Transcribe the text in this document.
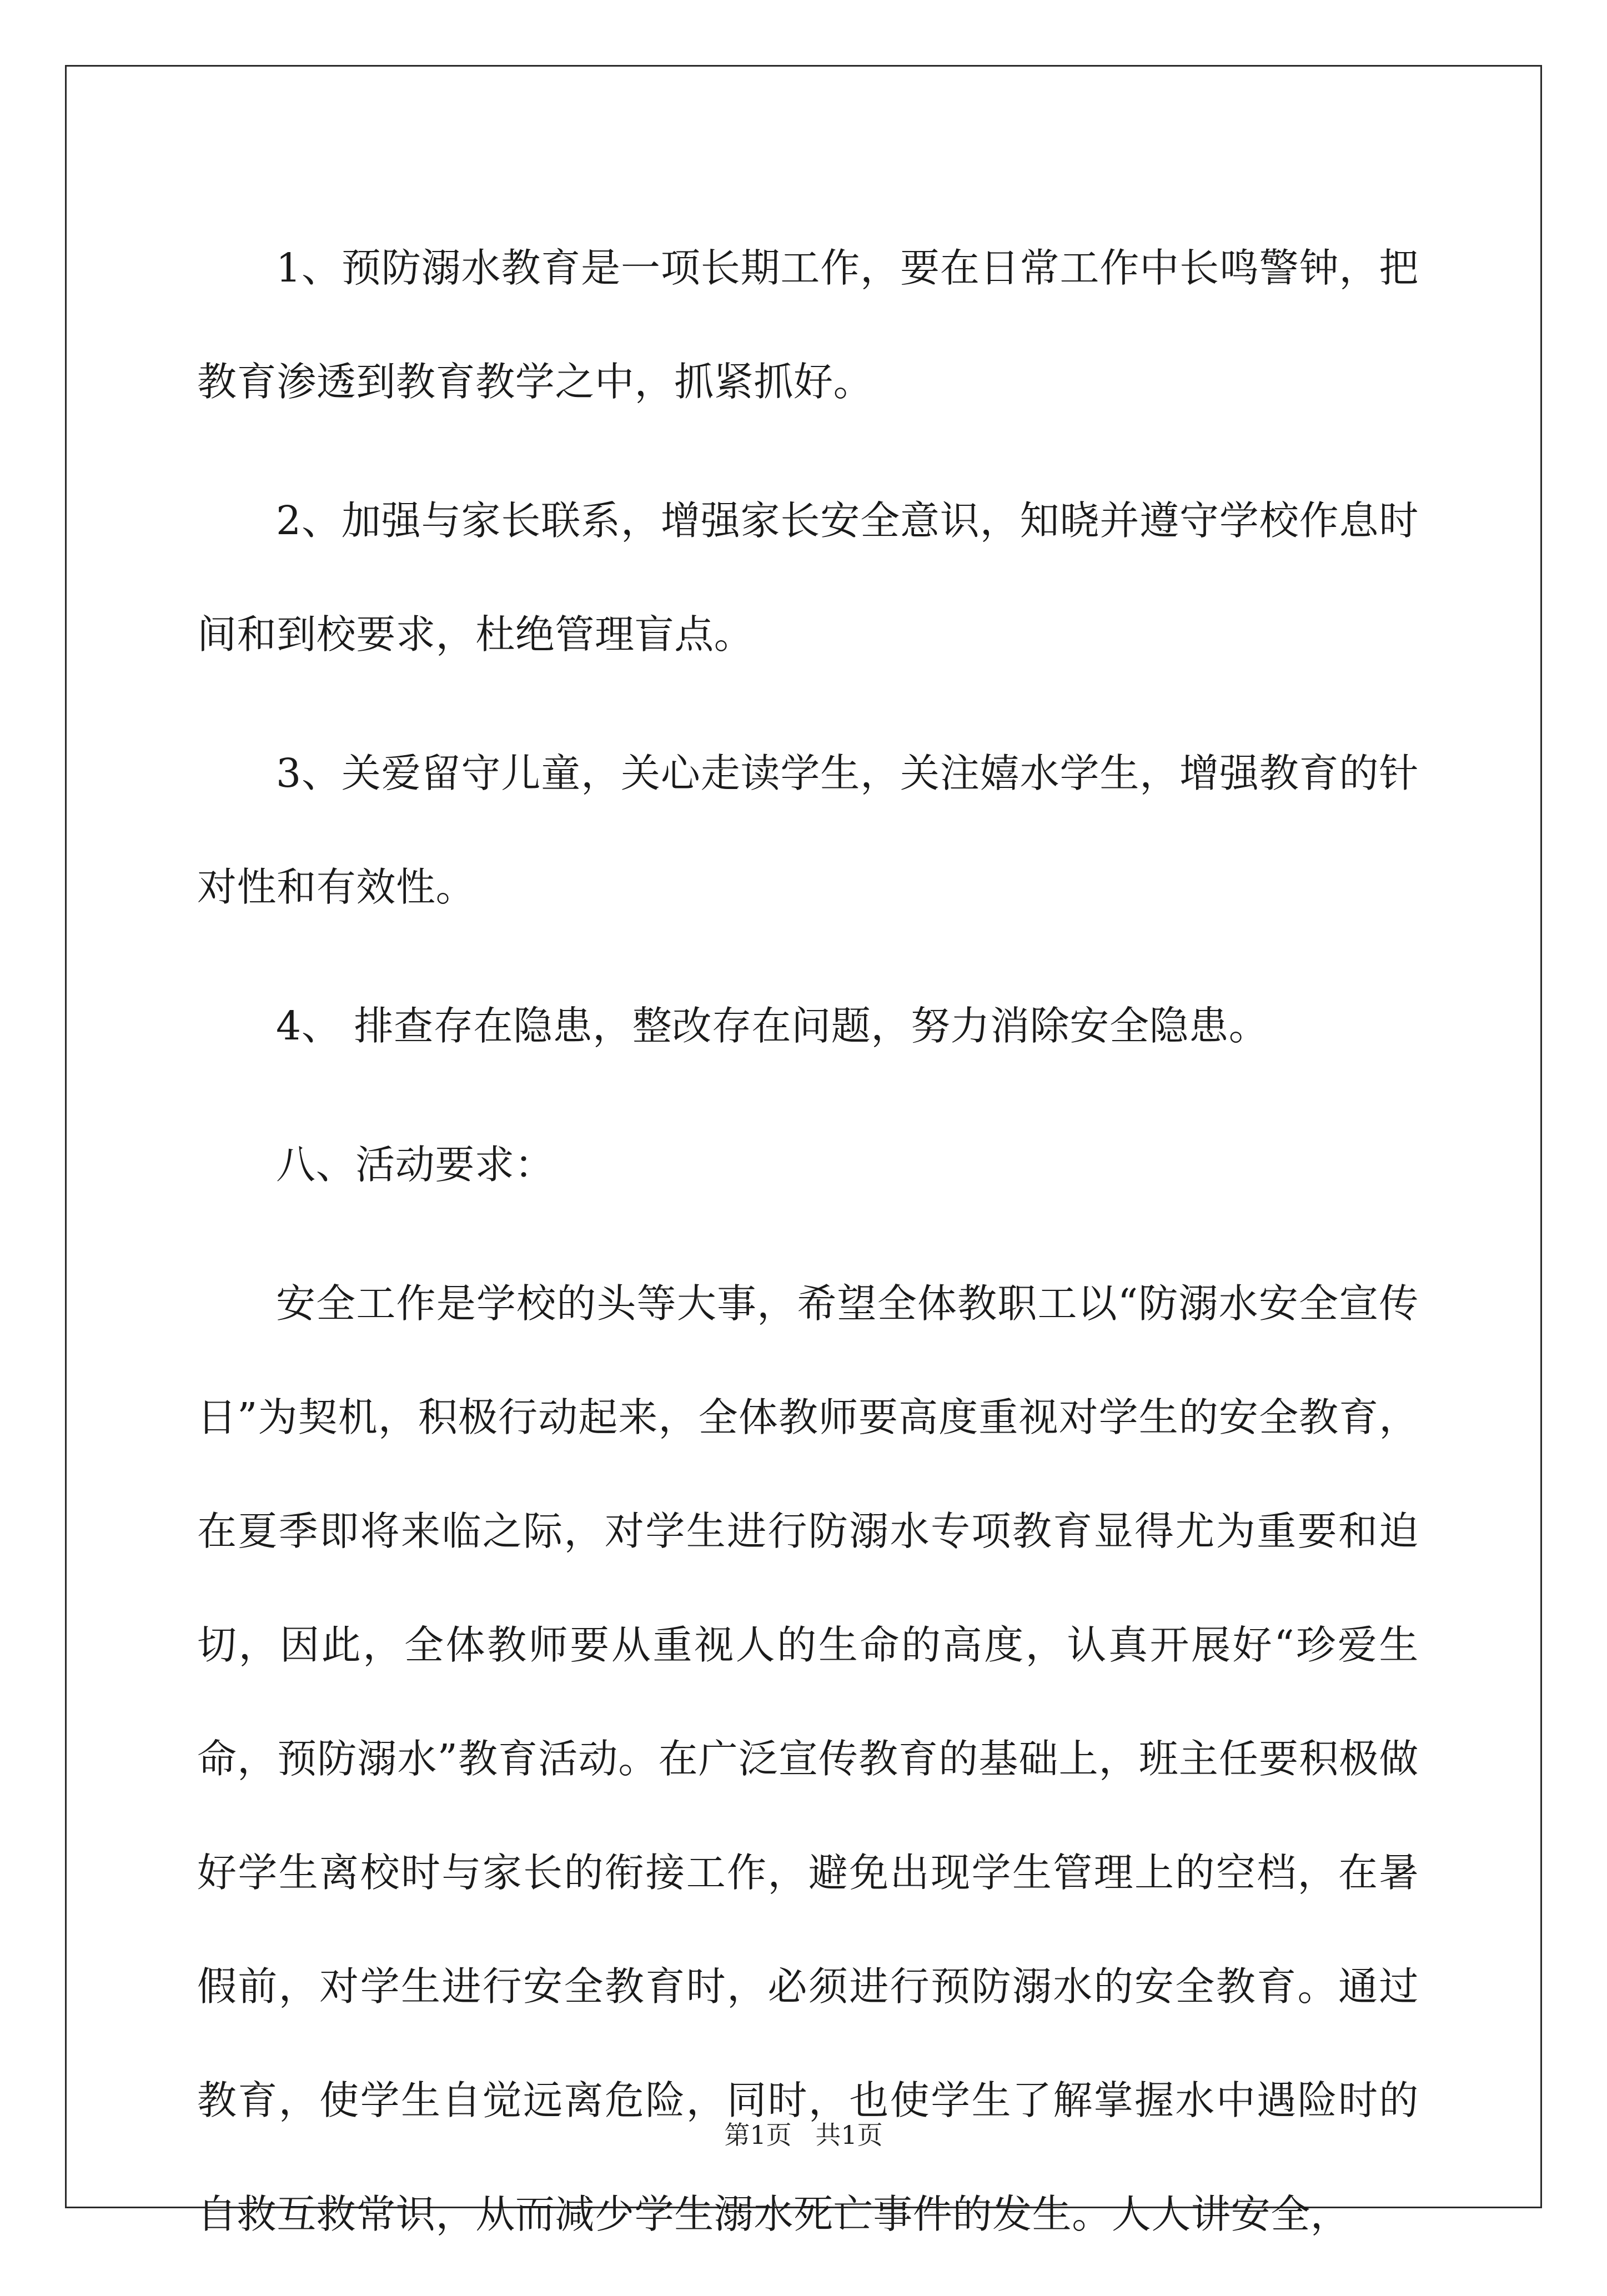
1、预防溺水教育是一项长期工作，要在日常工作中长鸣警钟，把教育渗透到教育教学之中，抓紧抓好。

2、加强与家长联系，增强家长安全意识，知晓并遵守学校作息时间和到校要求，杜绝管理盲点。

3、关爱留守儿童，关心走读学生，关注嬉水学生，增强教育的针对性和有效性。

4、 排查存在隐患，整改存在问题，努力消除安全隐患。

八、活动要求：

安全工作是学校的头等大事，希望全体教职工以“防溺水安全宣传日”为契机，积极行动起来，全体教师要高度重视对学生的安全教育，在夏季即将来临之际，对学生进行防溺水专项教育显得尤为重要和迫切，因此，全体教师要从重视人的生命的高度，认真开展好“珍爱生命，预防溺水”教育活动。在广泛宣传教育的基础上，班主任要积极做好学生离校时与家长的衔接工作，避免出现学生管理上的空档，在暑假前，对学生进行安全教育时，必须进行预防溺水的安全教育。通过教育，使学生自觉远离危险，同时，也使学生了解掌握水中遇险时的自救互救常识，从而减少学生溺水死亡事件的发生。人人讲安全，

第1页 共1页
